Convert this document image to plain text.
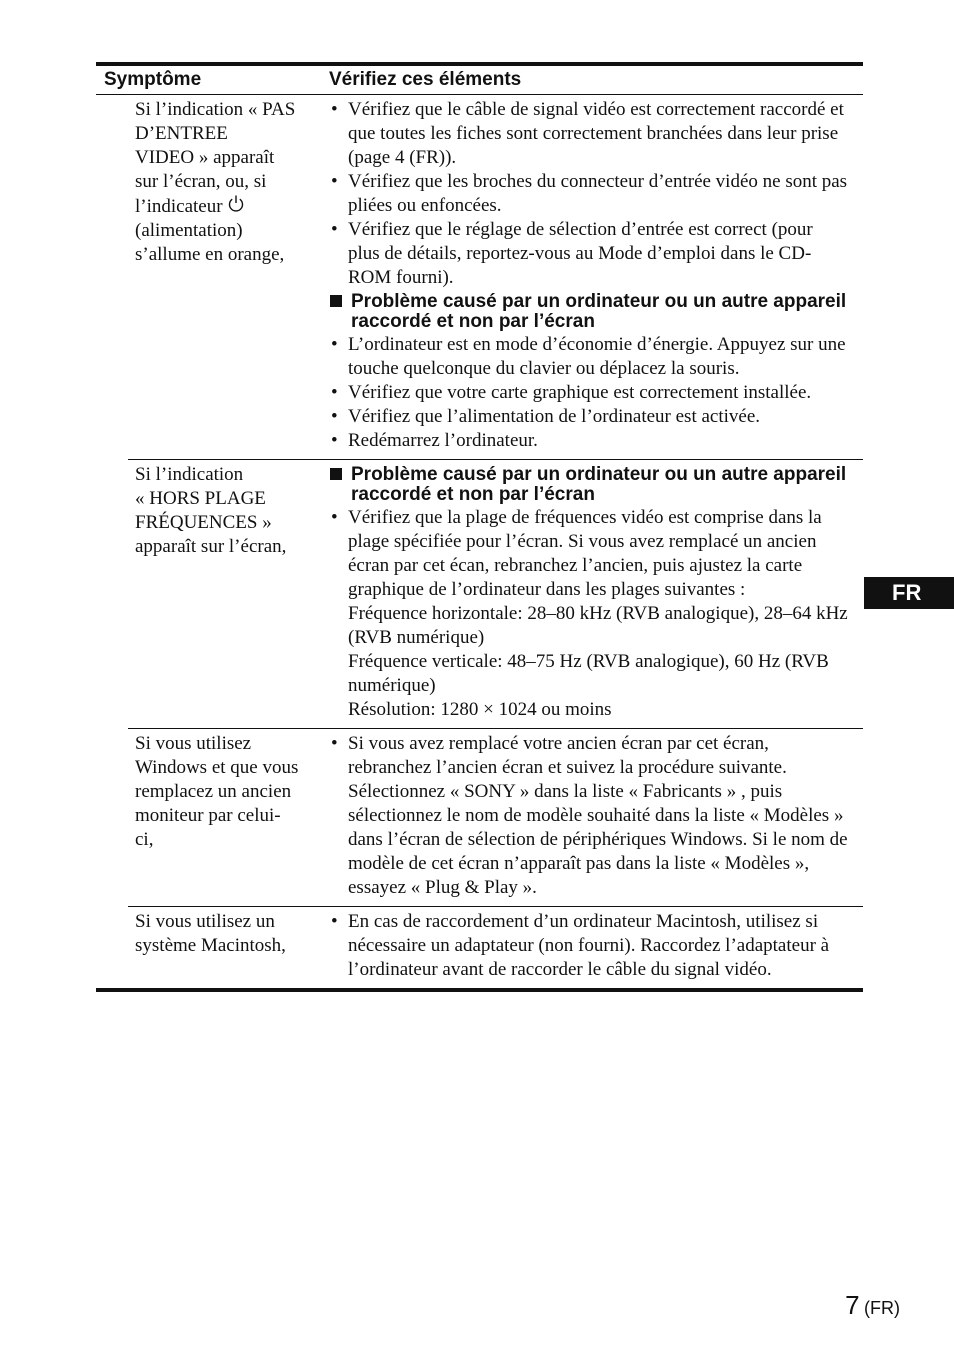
Symptôme	Vérifiez ces éléments
Si l’indication « PAS
D’ENTREE
VIDEO » apparaît
sur l’écran, ou, si
l’indicateur
(alimentation)
s’allume en orange,
• Vérifiez que le câble de signal vidéo est correctement raccordé et que toutes les fiches sont correctement branchées dans leur prise (page 4 (FR)).
• Vérifiez que les broches du connecteur d’entrée vidéo ne sont pas pliées ou enfoncées.
• Vérifiez que le réglage de sélection d’entrée est correct (pour plus de détails, reportez-vous au Mode d’emploi dans le CD-ROM fourni).
Problème causé par un ordinateur ou un autre appareil raccordé et non par l’écran
• L’ordinateur est en mode d’économie d’énergie. Appuyez sur une touche quelconque du clavier ou déplacez la souris.
• Vérifiez que votre carte graphique est correctement installée.
• Vérifiez que l’alimentation de l’ordinateur est activée.
• Redémarrez l’ordinateur.
Si l’indication
« HORS PLAGE
FRÉQUENCES »
apparaît sur l’écran,
Problème causé par un ordinateur ou un autre appareil raccordé et non par l’écran
• Vérifiez que la plage de fréquences vidéo est comprise dans la plage spécifiée pour l’écran. Si vous avez remplacé un ancien écran par cet écan, rebranchez l’ancien, puis ajustez la carte graphique de l’ordinateur dans les plages suivantes :
Fréquence horizontale: 28–80 kHz (RVB analogique), 28–64 kHz (RVB numérique)
Fréquence verticale: 48–75 Hz (RVB analogique), 60 Hz (RVB numérique)
Résolution: 1280 × 1024 ou moins
Si vous utilisez
Windows et que vous
remplacez un ancien
moniteur par celui-
ci,
• Si vous avez remplacé votre ancien écran par cet écran, rebranchez l’ancien écran et suivez la procédure suivante. Sélectionnez « SONY » dans la liste « Fabricants » , puis sélectionnez le nom de modèle souhaité dans la liste « Modèles » dans l’écran de sélection de périphériques Windows. Si le nom de modèle de cet écran n’apparaît pas dans la liste « Modèles », essayez « Plug & Play ».
Si vous utilisez un
système Macintosh,
• En cas de raccordement d’un ordinateur Macintosh, utilisez si nécessaire un adaptateur (non fourni). Raccordez l’adaptateur à l’ordinateur avant de raccorder le câble du signal vidéo.
FR
7 (FR)
